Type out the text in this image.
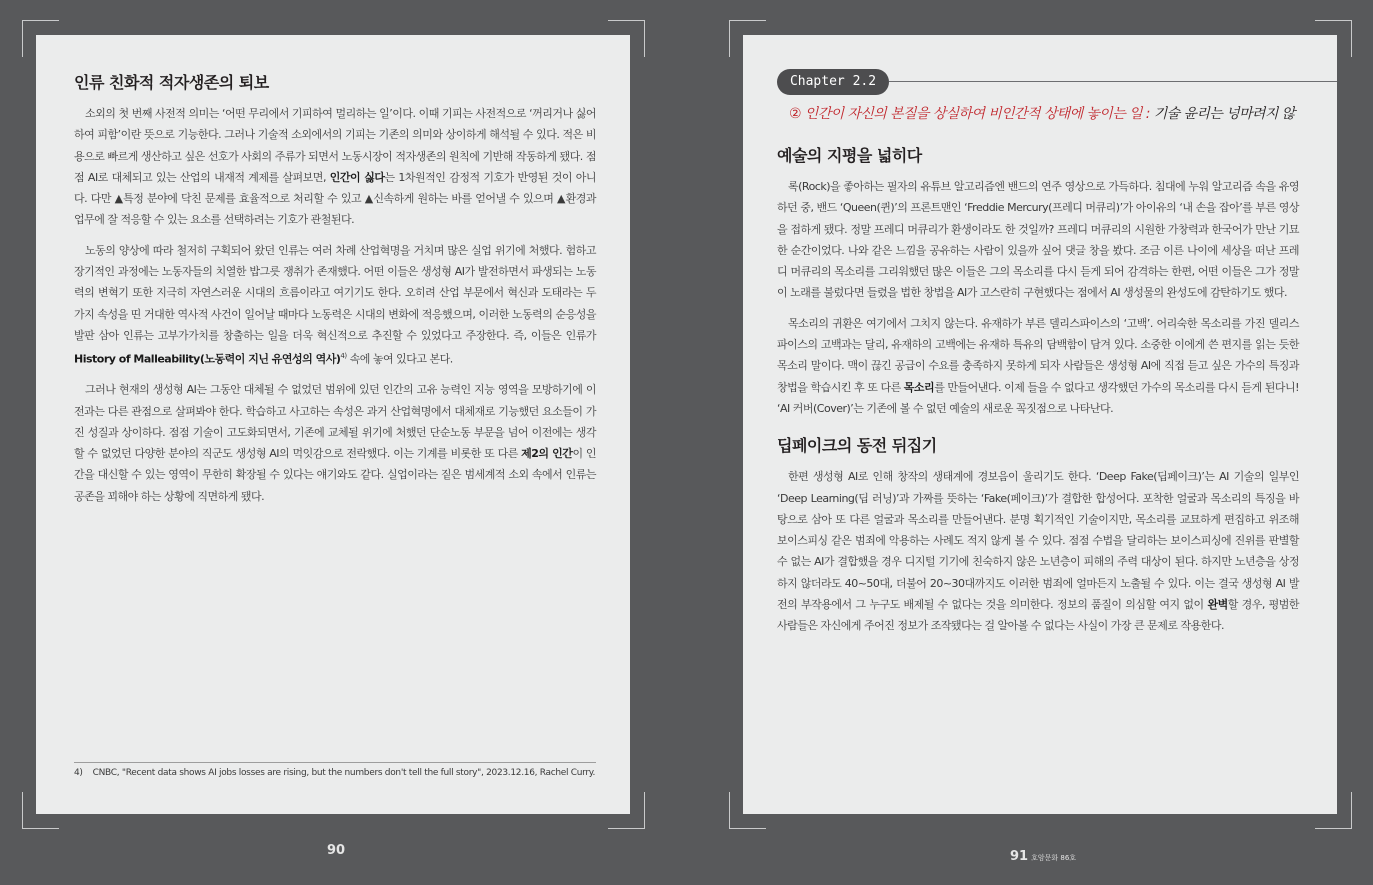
인류 친화적 적자생존의 퇴보

소외의 첫 번째 사전적 의미는 ‘어떤 무리에서 기피하여 멀리하는 일’이다. 이때 기피는 사전적으로 ‘꺼리거나 싫어하여 피함’이란 뜻으로 기능한다. 그러나 기술적 소외에서의 기피는 기존의 의미와 상이하게 해석될 수 있다. 적은 비용으로 빠르게 생산하고 싶은 선호가 사회의 주류가 되면서 노동시장이 적자생존의 원칙에 기반해 작동하게 됐다. 점점 AI로 대체되고 있는 산업의 내재적 계제를 살펴보면, 인간이 싫다는 1차원적인 감정적 기호가 반영된 것이 아니다. 다만 ▲특정 분야에 닥친 문제를 효율적으로 처리할 수 있고 ▲신속하게 원하는 바를 얻어낼 수 있으며 ▲환경과 업무에 잘 적응할 수 있는 요소를 선택하려는 기호가 관철된다.

노동의 양상에 따라 철저히 구획되어 왔던 인류는 여러 차례 산업혁명을 거치며 많은 실업 위기에 처했다. 험하고 장기적인 과정에는 노동자들의 치열한 밥그릇 쟁취가 존재했다. 어떤 이들은 생성형 AI가 발전하면서 파생되는 노동력의 변혁기 또한 지극히 자연스러운 시대의 흐름이라고 여기기도 한다. 오히려 산업 부문에서 혁신과 도태라는 두 가지 속성을 띤 거대한 역사적 사건이 일어날 때마다 노동력은 시대의 변화에 적응했으며, 이러한 노동력의 순응성을 발판 삼아 인류는 고부가가치를 창출하는 일을 더욱 혁신적으로 추진할 수 있었다고 주장한다. 즉, 이들은 인류가 History of Malleability(노동력이 지닌 유연성의 역사)$^{4)}$ 속에 놓여 있다고 본다.

그러나 현재의 생성형 AI는 그동안 대체될 수 없었던 범위에 있던 인간의 고유 능력인 지능 영역을 모방하기에 이전과는 다른 관점으로 살펴봐야 한다. 학습하고 사고하는 속성은 과거 산업혁명에서 대체재로 기능했던 요소들이 가진 성질과 상이하다. 점점 기술이 고도화되면서, 기존에 교체될 위기에 처했던 단순노동 부문을 넘어 이전에는 생각할 수 없었던 다양한 분야의 직군도 생성형 AI의 먹잇감으로 전락했다. 이는 기계를 비롯한 또 다른 제2의 인간이 인간을 대신할 수 있는 영역이 무한히 확장될 수 있다는 얘기와도 같다. 실업이라는 짙은 범세계적 소외 속에서 인류는 공존을 꾀해야 하는 상황에 직면하게 됐다.

4) CNBC, "Recent data shows AI jobs losses are rising, but the numbers don't tell the full story", 2023.12.16, Rachel Curry.
Chapter 2.2
② 인간이 자신의 본질을 상실하여 비인간적 상태에 놓이는 일 : 기술 윤리는 넝마려지 않
예술의 지평을 넓히다

록(Rock)을 좋아하는 필자의 유튜브 알고리즘엔 밴드의 연주 영상으로 가득하다. 침대에 누워 알고리즘 속을 유영하던 중, 밴드 ‘Queen(퀸)’의 프론트맨인 ‘Freddie Mercury(프레디 머큐리)’가 아이유의 ‘내 손을 잡아’를 부른 영상을 접하게 됐다. 정말 프레디 머큐리가 환생이라도 한 것일까? 프레디 머큐리의 시원한 가창력과 한국어가 만난 기묘한 순간이었다. 나와 같은 느낌을 공유하는 사람이 있을까 싶어 댓글 창을 봤다. 조금 이른 나이에 세상을 떠난 프레디 머큐리의 목소리를 그리워했던 많은 이들은 그의 목소리를 다시 듣게 되어 감격하는 한편, 어떤 이들은 그가 정말 이 노래를 불렀다면 들렸을 법한 창법을 AI가 고스란히 구현했다는 점에서 AI 생성물의 완성도에 감탄하기도 했다.

목소리의 귀환은 여기에서 그치지 않는다. 유재하가 부른 델리스파이스의 ‘고백’. 어리숙한 목소리를 가진 델리스파이스의 고백과는 달리, 유재하의 고백에는 유재하 특유의 담백함이 담겨 있다. 소중한 이에게 쓴 편지를 읽는 듯한 목소리 말이다. 맥이 끊긴 공급이 수요를 충족하지 못하게 되자 사람들은 생성형 AI에 직접 듣고 싶은 가수의 특징과 창법을 학습시킨 후 또 다른 목소리를 만들어낸다. 이제 들을 수 없다고 생각했던 가수의 목소리를 다시 듣게 된다니! ‘AI 커버(Cover)’는 기존에 볼 수 없던 예술의 새로운 꼭짓점으로 나타난다.

딥페이크의 동전 뒤집기

한편 생성형 AI로 인해 창작의 생태계에 경보음이 울리기도 한다. ‘Deep Fake(딥페이크)’는 AI 기술의 일부인 ‘Deep Learning(딥 러닝)’과 가짜를 뜻하는 ‘Fake(페이크)’가 결합한 합성어다. 포착한 얼굴과 목소리의 특징을 바탕으로 삼아 또 다른 얼굴과 목소리를 만들어낸다. 분명 획기적인 기술이지만, 목소리를 교묘하게 편집하고 위조해 보이스피싱 같은 범죄에 악용하는 사례도 적지 않게 볼 수 있다. 점점 수법을 달리하는 보이스피싱에 진위를 판별할 수 없는 AI가 결합했을 경우 디지털 기기에 친숙하지 않은 노년층이 피해의 주력 대상이 된다. 하지만 노년층을 상정하지 않더라도 40~50대, 더불어 20~30대까지도 이러한 범죄에 얼마든지 노출될 수 있다. 이는 결국 생성형 AI 발전의 부작용에서 그 누구도 배제될 수 없다는 것을 의미한다. 정보의 품질이 의심할 여지 없이 완벽할 경우, 평범한 사람들은 자신에게 주어진 정보가 조작됐다는 걸 알아볼 수 없다는 사실이 가장 큰 문제로 작용한다.

90	91 호암문화 86호
